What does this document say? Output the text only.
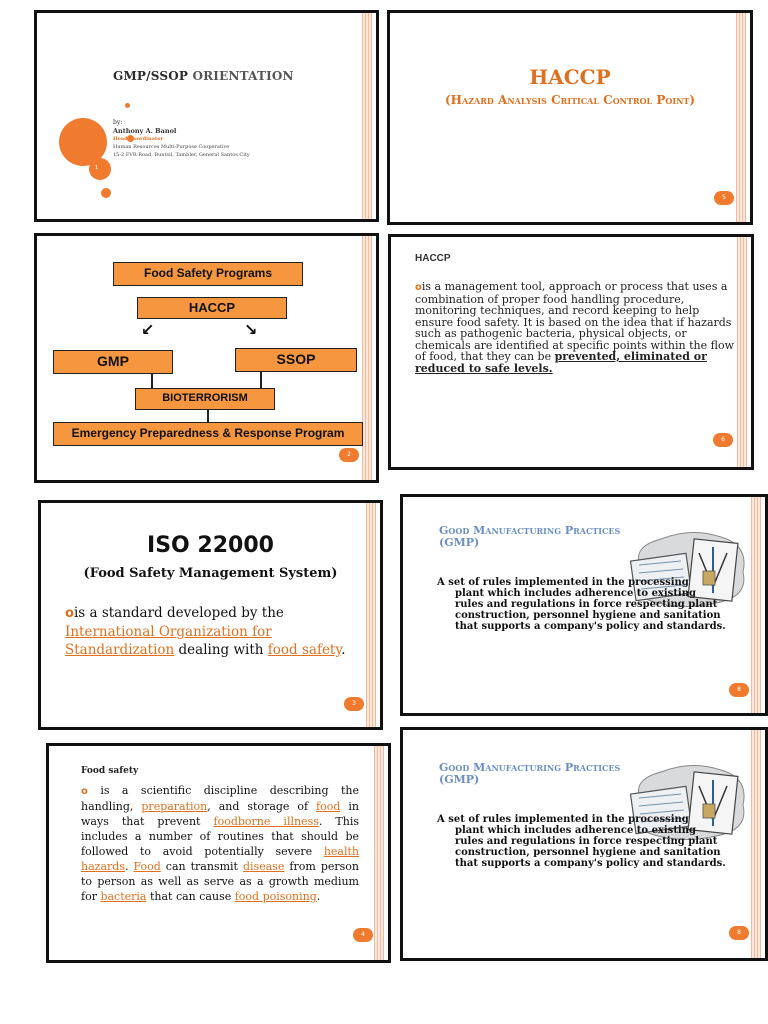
GMP/SSOP ORIENTATION
1
by:
Anthony A. Banol
Head Coordinator
Human Resources Multi-Purpose Cooperative
15-2 FVR Road, Buntsil, Tambler, General Santos City
HACCP
(Hazard Analysis Critical Control Point)
5
Food Safety Programs
HACCP
↙	↘
GMP	SSOP
BIOTERRORISM
Emergency Preparedness & Response Program
2
HACCP
ois a management tool, approach or process that uses a combination of proper food handling procedure, monitoring techniques, and record keeping to help ensure food safety. It is based on the idea that if hazards such as pathogenic bacteria, physical objects, or chemicals are identified at specific points within the flow of food, that they can be prevented, eliminated or reduced to safe levels.
6
ISO 22000
(Food Safety Management System)
ois a standard developed by the International Organization for Standardization dealing with food safety.
3
Good Manufacturing Practices
(GMP)
A set of rules implemented in the processing
plant which includes adherence to existing
rules and regulations in force respecting plant
construction, personnel hygiene and sanitation
that supports a company's policy and standards.
8
Food safety
o is a scientific discipline describing the handling, preparation, and storage of food in ways that prevent foodborne illness. This includes a number of routines that should be followed to avoid potentially severe health hazards. Food can transmit disease from person to person as well as serve as a growth medium for bacteria that can cause food poisoning.
4
Good Manufacturing Practices
(GMP)
A set of rules implemented in the processing
plant which includes adherence to existing
rules and regulations in force respecting plant
construction, personnel hygiene and sanitation
that supports a company's policy and standards.
8
